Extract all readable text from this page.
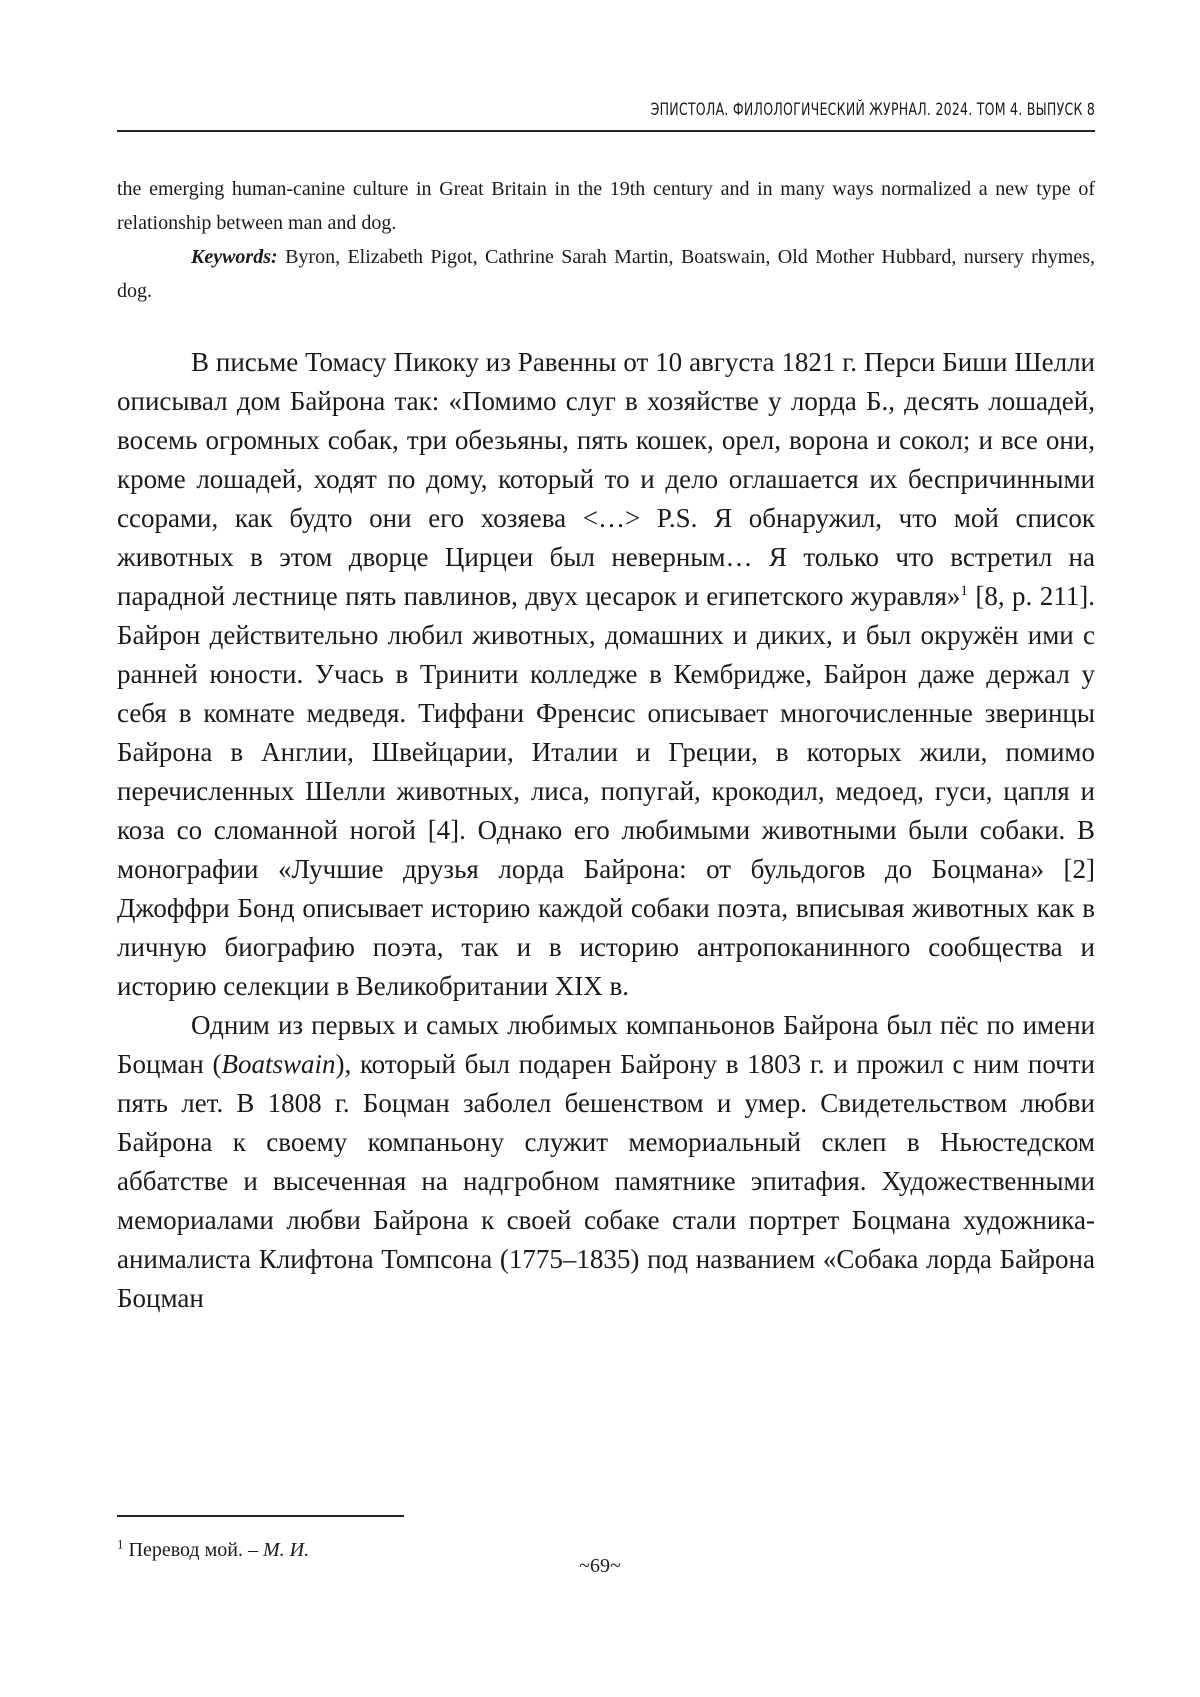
ЭПИСТОЛА. ФИЛОЛОГИЧЕСКИЙ ЖУРНАЛ. 2024. ТОМ 4. ВЫПУСК 8

the emerging human-canine culture in Great Britain in the 19th century and in many ways normalized a new type of relationship between man and dog.

Keywords: Byron, Elizabeth Pigot, Cathrine Sarah Martin, Boatswain, Old Mother Hubbard, nursery rhymes, dog.

В письме Томасу Пикоку из Равенны от 10 августа 1821 г. Перси Биши Шелли описывал дом Байрона так: «Помимо слуг в хозяйстве у лорда Б., десять лошадей, восемь огромных собак, три обезьяны, пять кошек, орел, ворона и сокол; и все они, кроме лошадей, ходят по дому, который то и дело оглашается их беспричинными ссорами, как будто они его хозяева <…> P.S. Я обнаружил, что мой список животных в этом дворце Цирцеи был неверным… Я только что встретил на парадной лестнице пять павлинов, двух цесарок и египетского журавля»1 [8, p. 211]. Байрон действительно любил животных, домашних и диких, и был окружён ими с ранней юности. Учась в Тринити колледже в Кембридже, Байрон даже держал у себя в комнате медведя. Тиффани Френсис описывает многочисленные зверинцы Байрона в Англии, Швейцарии, Италии и Греции, в которых жили, помимо перечисленных Шелли животных, лиса, попугай, крокодил, медоед, гуси, цапля и коза со сломанной ногой [4]. Однако его любимыми животными были собаки. В монографии «Лучшие друзья лорда Байрона: от бульдогов до Боцмана» [2] Джоффри Бонд описывает историю каждой собаки поэта, вписывая животных как в личную биографию поэта, так и в историю антропоканинного сообщества и историю селекции в Великобритании XIX в.

Одним из первых и самых любимых компаньонов Байрона был пёс по имени Боцман (Boatswain), который был подарен Байрону в 1803 г. и прожил с ним почти пять лет. В 1808 г. Боцман заболел бешенством и умер. Свидетельством любви Байрона к своему компаньону служит мемориальный склеп в Ньюстедском аббатстве и высеченная на надгробном памятнике эпитафия. Художественными мемориалами любви Байрона к своей собаке стали портрет Боцмана художника-анималиста Клифтона Томпсона (1775–1835) под названием «Собака лорда Байрона Боцман

1 Перевод мой. – М. И.
~69~
